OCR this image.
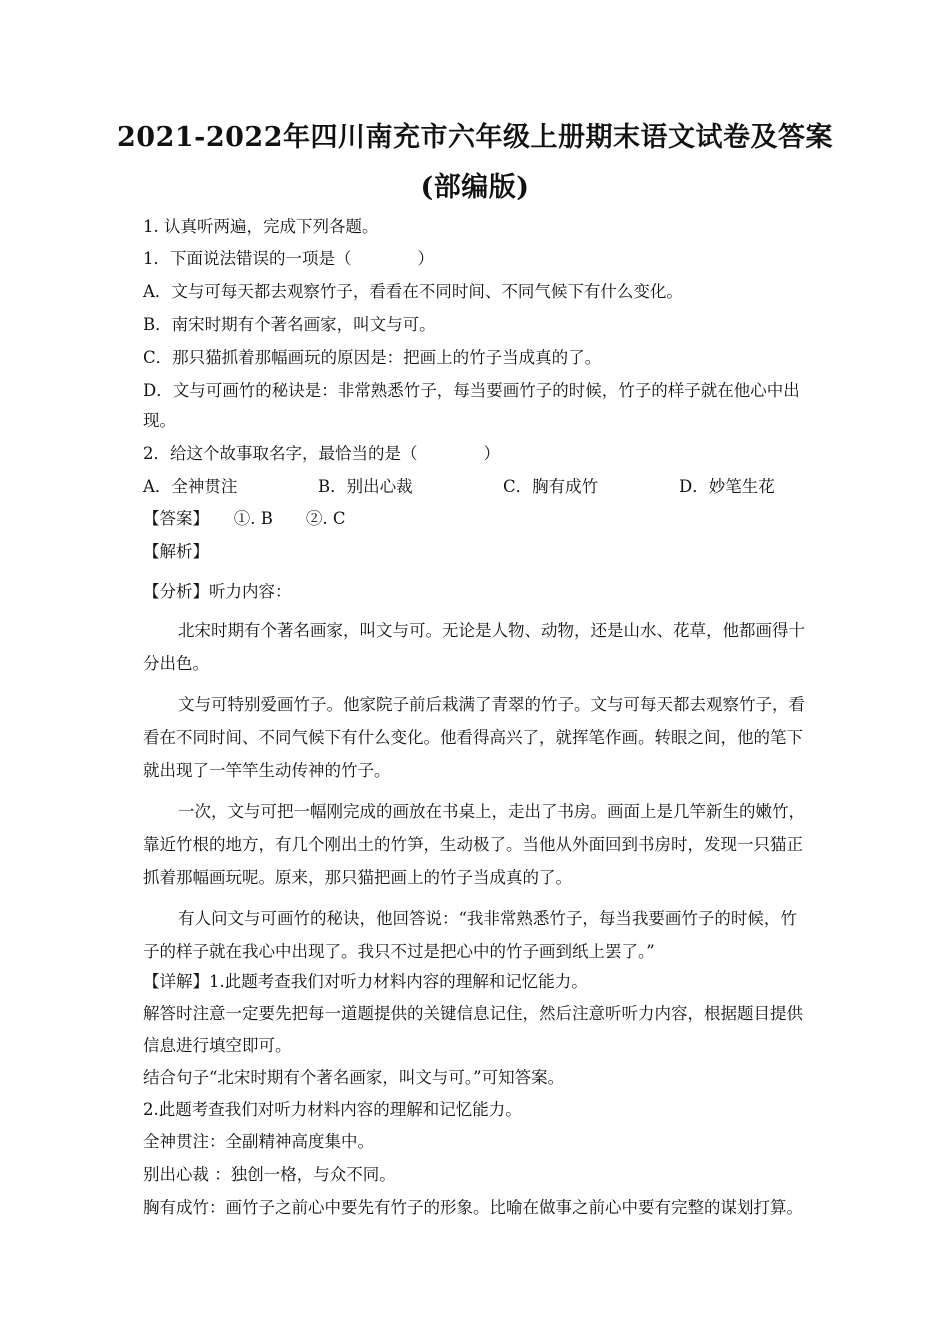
2021-2022年四川南充市六年级上册期末语文试卷及答案
(部编版)
1. 认真听两遍，完成下列各题。
1．下面说法错误的一项是（　　　　）
A．文与可每天都去观察竹子，看看在不同时间、不同气候下有什么变化。
B．南宋时期有个著名画家，叫文与可。
C．那只猫抓着那幅画玩的原因是：把画上的竹子当成真的了。
D．文与可画竹的秘诀是：非常熟悉竹子，每当要画竹子的时候，竹子的样子就在他心中出
现。
2．给这个故事取名字，最恰当的是（　　　　）
A．全神贯注	B．别出心裁	C．胸有成竹	D．妙笔生花
【答案】　　①. B　　②. C
【解析】
【分析】听力内容：
北宋时期有个著名画家，叫文与可。无论是人物、动物，还是山水、花草，他都画得十
分出色。
文与可特别爱画竹子。他家院子前后栽满了青翠的竹子。文与可每天都去观察竹子，看
看在不同时间、不同气候下有什么变化。他看得高兴了，就挥笔作画。转眼之间，他的笔下
就出现了一竿竿生动传神的竹子。
一次，文与可把一幅刚完成的画放在书桌上，走出了书房。画面上是几竿新生的嫩竹，
靠近竹根的地方，有几个刚出土的竹笋，生动极了。当他从外面回到书房时，发现一只猫正
抓着那幅画玩呢。原来，那只猫把画上的竹子当成真的了。
有人问文与可画竹的秘诀，他回答说：“我非常熟悉竹子，每当我要画竹子的时候，竹
子的样子就在我心中出现了。我只不过是把心中的竹子画到纸上罢了。”
【详解】1.此题考查我们对听力材料内容的理解和记忆能力。
解答时注意一定要先把每一道题提供的关键信息记住，然后注意听听力内容，根据题目提供
信息进行填空即可。
结合句子“北宋时期有个著名画家，叫文与可。”可知答案。
2.此题考查我们对听力材料内容的理解和记忆能力。
全神贯注：全副精神高度集中。
别出心裁 ：独创一格，与众不同。
胸有成竹：画竹子之前心中要先有竹子的形象。比喻在做事之前心中要有完整的谋划打算。
